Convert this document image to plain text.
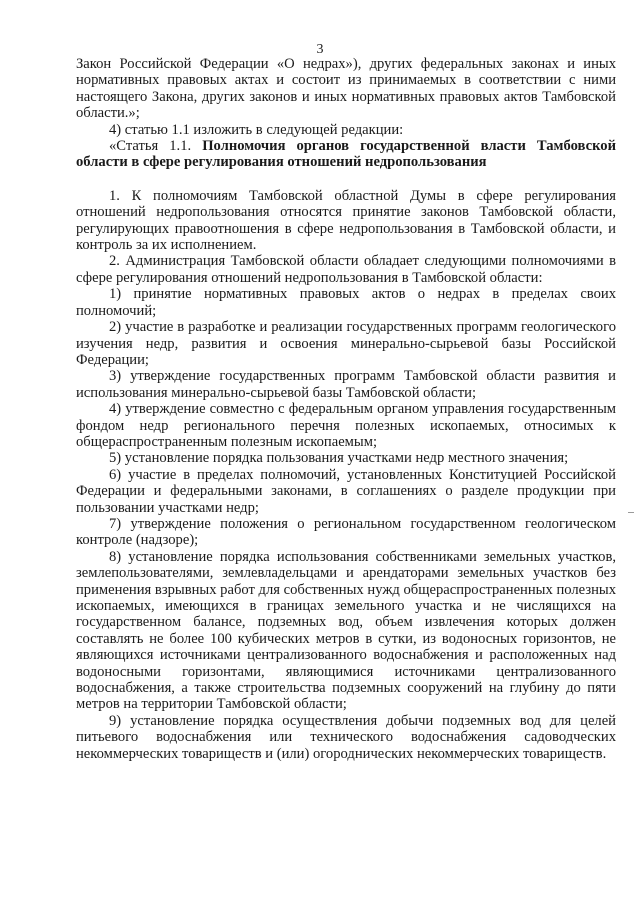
3

Закон Российской Федерации «О недрах»), других федеральных законах и иных нормативных правовых актах и состоит из принимаемых в соответствии с ними настоящего Закона, других законов и иных нормативных правовых актов Тамбовской области.»;

4) статью 1.1 изложить в следующей редакции:

«Статья 1.1. Полномочия органов государственной власти Тамбовской области в сфере регулирования отношений недропользования

1. К полномочиям Тамбовской областной Думы в сфере регулирования отношений недропользования относятся принятие законов Тамбовской области, регулирующих правоотношения в сфере недропользования в Тамбовской области, и контроль за их исполнением.

2. Администрация Тамбовской области обладает следующими полномочиями в сфере регулирования отношений недропользования в Тамбовской области:

1) принятие нормативных правовых актов о недрах в пределах своих полномочий;

2) участие в разработке и реализации государственных программ геологического изучения недр, развития и освоения минерально-сырьевой базы Российской Федерации;

3) утверждение государственных программ Тамбовской области развития и использования минерально-сырьевой базы Тамбовской области;

4) утверждение совместно с федеральным органом управления государственным фондом недр регионального перечня полезных ископаемых, относимых к общераспространенным полезным ископаемым;

5) установление порядка пользования участками недр местного значения;

6) участие в пределах полномочий, установленных Конституцией Российской Федерации и федеральными законами, в соглашениях о разделе продукции при пользовании участками недр;

7) утверждение положения о региональном государственном геологическом контроле (надзоре);

8) установление порядка использования собственниками земельных участков, землепользователями, землевладельцами и арендаторами земельных участков без применения взрывных работ для собственных нужд общераспространенных полезных ископаемых, имеющихся в границах земельного участка и не числящихся на государственном балансе, подземных вод, объем извлечения которых должен составлять не более 100 кубических метров в сутки, из водоносных горизонтов, не являющихся источниками централизованного водоснабжения и расположенных над водоносными горизонтами, являющимися источниками централизованного водоснабжения, а также строительства подземных сооружений на глубину до пяти метров на территории Тамбовской области;

9) установление порядка осуществления добычи подземных вод для целей питьевого водоснабжения или технического водоснабжения садоводческих некоммерческих товариществ и (или) огороднических некоммерческих товариществ.
